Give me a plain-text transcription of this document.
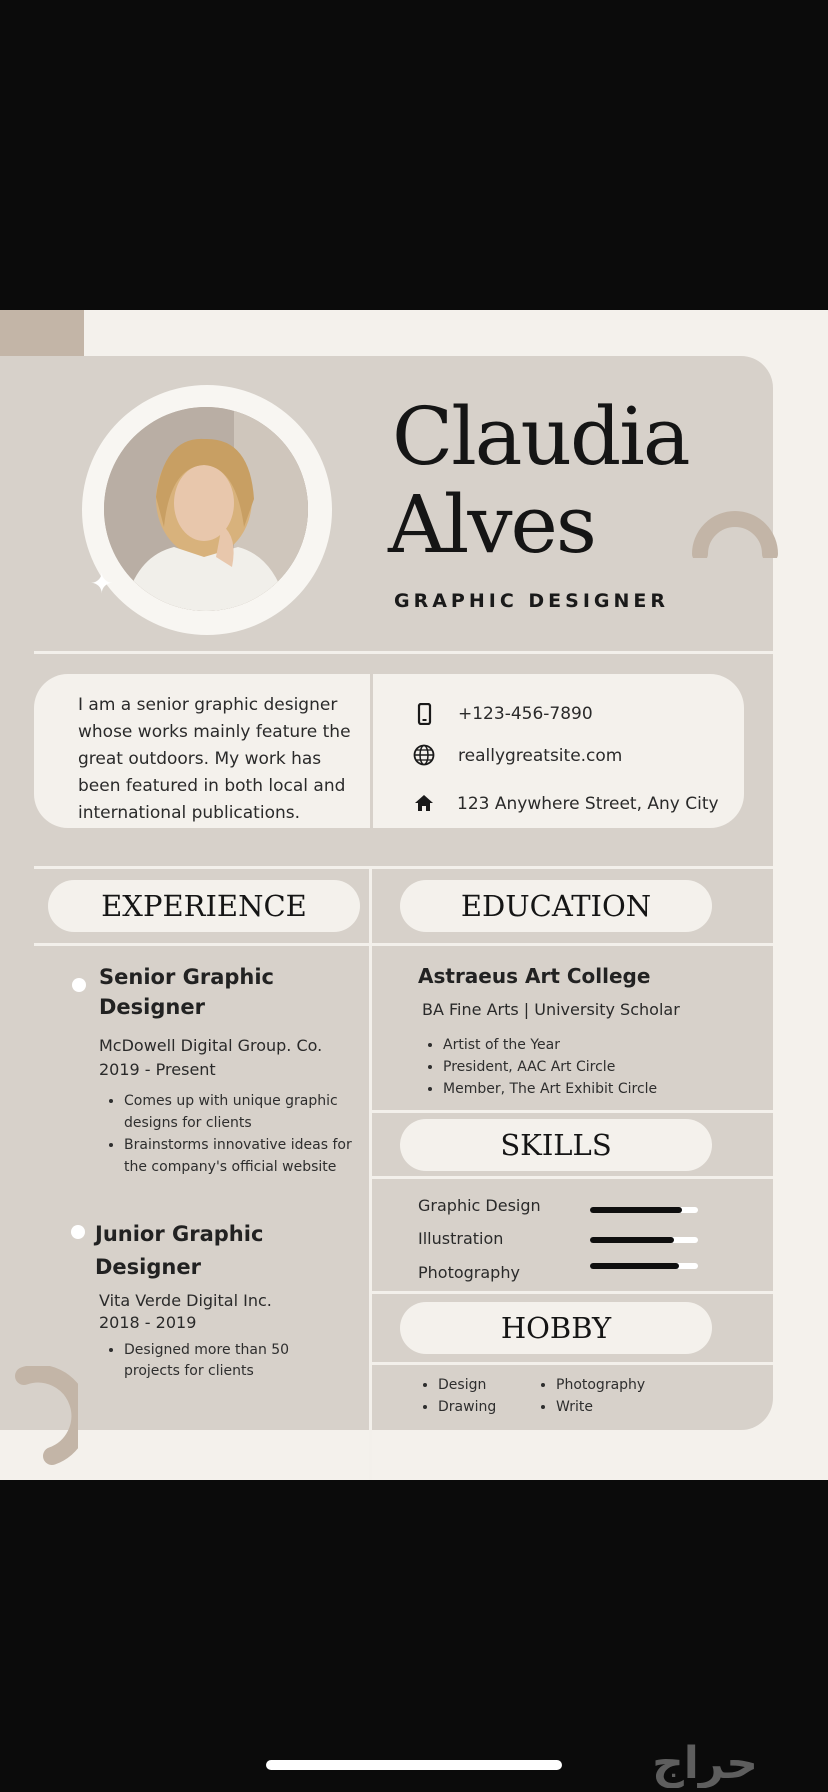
✦
Claudia
Alves
GRAPHIC DESIGNER
I am a senior graphic designer whose works mainly feature the great outdoors. My work has been featured in both local and international publications.
+123-456-7890
reallygreatsite.com
123 Anywhere Street, Any City
EXPERIENCE
Senior Graphic
Designer
McDowell Digital Group. Co.
2019 - Present
• Comes up with unique graphic designs for clients
• Brainstorms innovative ideas for the company's official website
Junior Graphic
Designer
Vita Verde Digital Inc.
2018 - 2019
• Designed more than 50 projects for clients
EDUCATION
Astraeus Art College
BA Fine Arts | University Scholar
• Artist of the Year
• President, AAC Art Circle
• Member, The Art Exhibit Circle
SKILLS
Graphic Design
Illustration
Photography
HOBBY
• Design
• Drawing
• Photography
• Write
حراج
